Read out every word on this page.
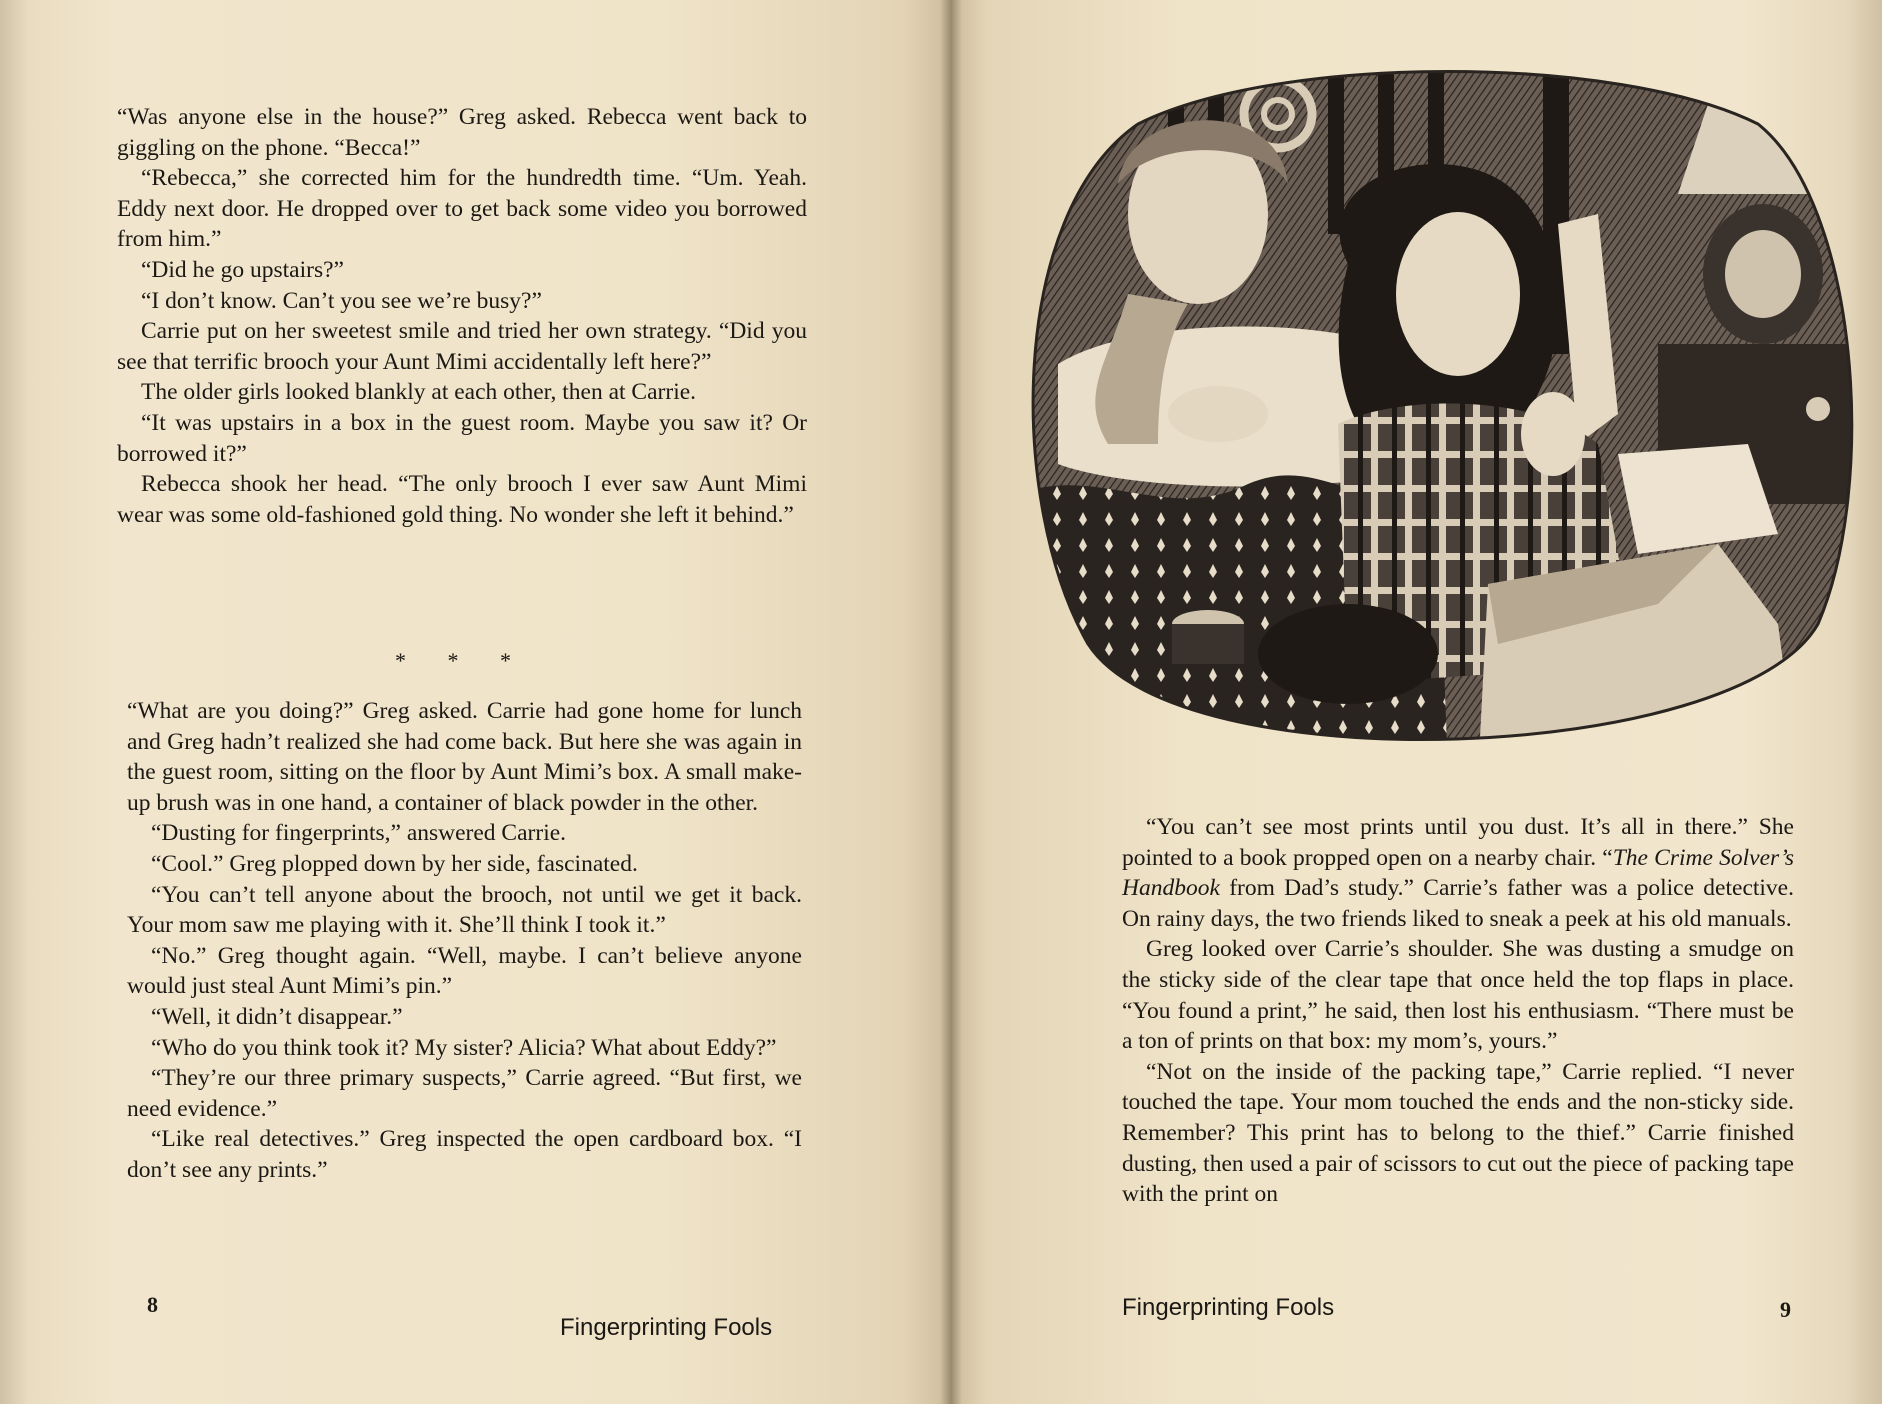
“Was anyone else in the house?” Greg asked. Rebecca went back to giggling on the phone. “Becca!”

“Rebecca,” she corrected him for the hundredth time. “Um. Yeah. Eddy next door. He dropped over to get back some video you borrowed from him.”

“Did he go upstairs?”

“I don’t know. Can’t you see we’re busy?”

Carrie put on her sweetest smile and tried her own strategy. “Did you see that terrific brooch your Aunt Mimi accidentally left here?”

The older girls looked blankly at each other, then at Carrie.

“It was upstairs in a box in the guest room. Maybe you saw it? Or borrowed it?”

Rebecca shook her head. “The only brooch I ever saw Aunt Mimi wear was some old-fashioned gold thing. No wonder she left it behind.”

* * *

“What are you doing?” Greg asked. Carrie had gone home for lunch and Greg hadn’t realized she had come back. But here she was again in the guest room, sitting on the floor by Aunt Mimi’s box. A small make-up brush was in one hand, a container of black powder in the other.

“Dusting for fingerprints,” answered Carrie.

“Cool.” Greg plopped down by her side, fascinated.

“You can’t tell anyone about the brooch, not until we get it back. Your mom saw me playing with it. She’ll think I took it.”

“No.” Greg thought again. “Well, maybe. I can’t believe anyone would just steal Aunt Mimi’s pin.”

“Well, it didn’t disappear.”

“Who do you think took it? My sister? Alicia? What about Eddy?”

“They’re our three primary suspects,” Carrie agreed. “But first, we need evidence.”

“Like real detectives.” Greg inspected the open cardboard box. “I don’t see any prints.”

8
Fingerprinting Fools

“You can’t see most prints until you dust. It’s all in there.” She pointed to a book propped open on a nearby chair. “The Crime Solver’s Handbook from Dad’s study.” Carrie’s father was a police detective. On rainy days, the two friends liked to sneak a peek at his old manuals.

Greg looked over Carrie’s shoulder. She was dusting a smudge on the sticky side of the clear tape that once held the top flaps in place. “You found a print,” he said, then lost his enthusiasm. “There must be a ton of prints on that box: my mom’s, yours.”

“Not on the inside of the packing tape,” Carrie replied. “I never touched the tape. Your mom touched the ends and the non-sticky side. Remember? This print has to belong to the thief.” Carrie finished dusting, then used a pair of scissors to cut out the piece of packing tape with the print on

Fingerprinting Fools	9
